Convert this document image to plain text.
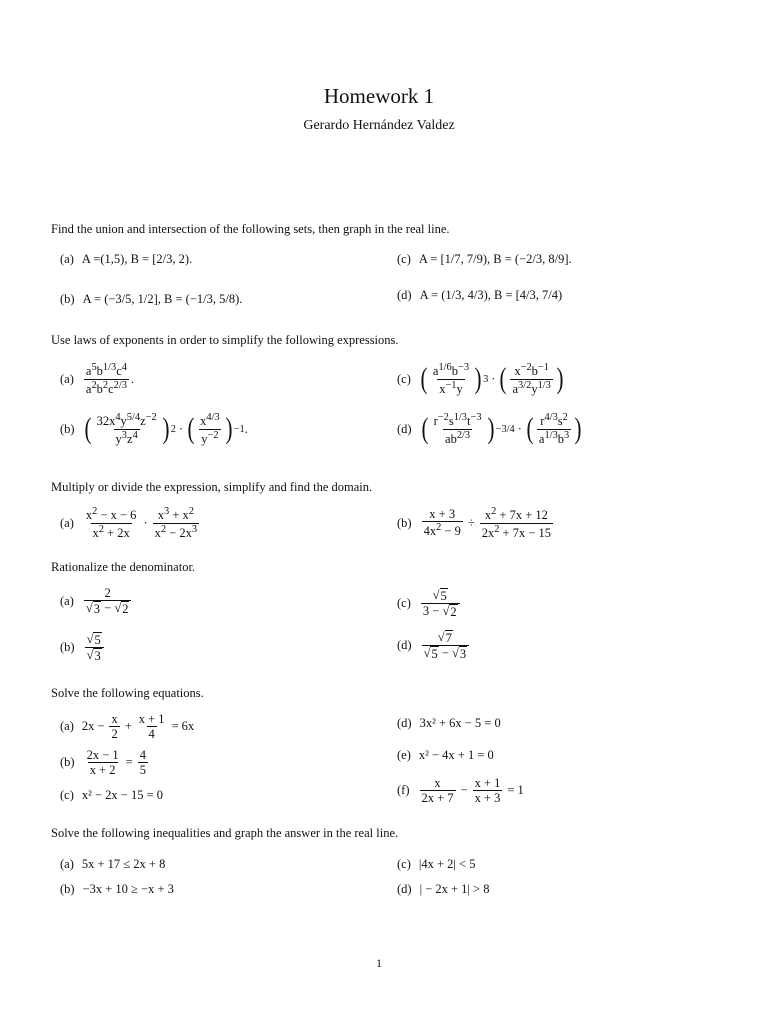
Homework 1
Gerardo Hernández Valdez
Find the union and intersection of the following sets, then graph in the real line.
(a) A =(1,5), B = [2/3, 2).
(b) A = (−3/5, 1/2], B = (−1/3, 5/8).
(c) A = [1/7, 7/9), B = (−2/3, 8/9].
(d) A = (1/3, 4/3), B = [4/3, 7/4)
Use laws of exponents in order to simplify the following expressions.
$(a) \frac{a^5b^{1/3}c^4}{a^2b^2c^{2/3}}$ .
(b) ( $\frac{32x^4y^{5/4}z^{-2}}{y^3z^4}$ ) 2 · ( $\frac{x^{4/3}}{y^{-2}}$ ) −1 .
(c) ( $\frac{a^{1/6}b^{-3}}{x^{-1}y}$ ) 3 · ( $\frac{x^{-2}b^{-1}}{a^{3/2}y^{1/3}}$ )
(d) ( $\frac{r^{-2}s^{1/3}t^{-3}}{ab^{2/3}}$ ) −3/4 · ( $\frac{r^{4/3}s^2}{a^{1/3}b^3}$ )
Multiply or divide the expression, simplify and find the domain.
$(a) \frac{x^2 - x - 6}{x^2 + 2x} \cdot \frac{x^3 + x^2}{x^2 - 2x^3}$	$(b) \frac{x + 3}{4x^2 - 9} \div \frac{x^2 + 7x + 12}{2x^2 + 7x - 15}$
Rationalize the denominator.
$(a) \frac{2}{√ 3 - √ 2}$
$(b) \frac{√ 5}{√ 3}$
$(c) \frac{√ 5}{3 - √ 2}$
$(d) \frac{√ 7}{√ 5 - √ 3}$
Solve the following equations.
(a) $2x - \frac{x}{2} + \frac{x + 1}{4} = 6x$
$(b) \frac{2x - 1}{x + 2} = \frac{4}{5}$
(c) x² − 2x − 15 = 0
(d) 3x² + 6x − 5 = 0
(e) x² − 4x + 1 = 0
$(f) \frac{x}{2x + 7} - \frac{x + 1}{x + 3} = 1$
Solve the following inequalities and graph the answer in the real line.
(a) 5x + 17 ≤ 2x + 8
(b) −3x + 10 ≥ −x + 3
(c) |4x + 2| < 5
(d) | − 2x + 1| > 8
1
